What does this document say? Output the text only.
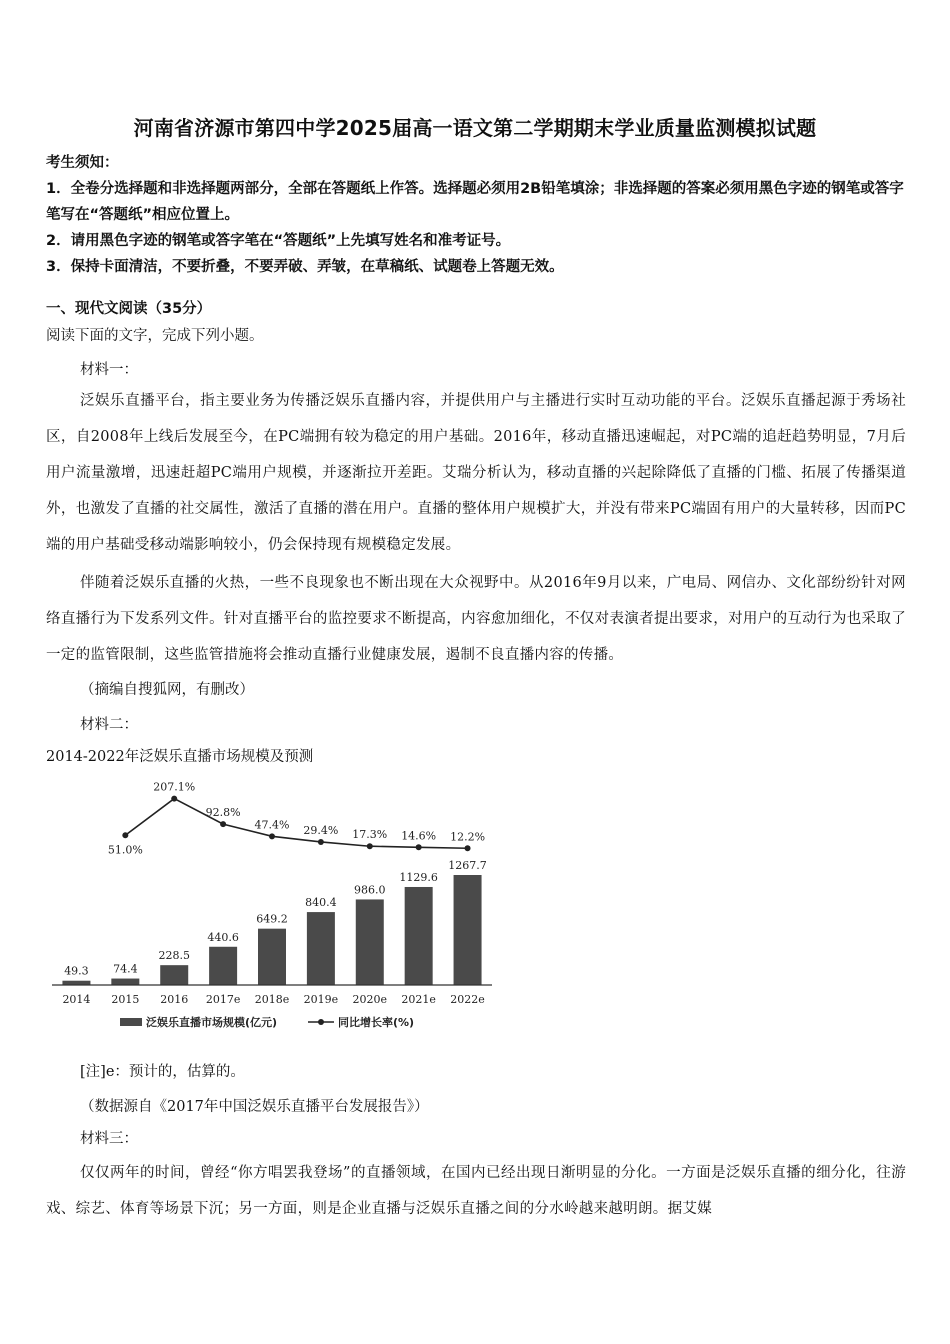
河南省济源市第四中学2025届高一语文第二学期期末学业质量监测模拟试题
考生须知：
1．全卷分选择题和非选择题两部分，全部在答题纸上作答。选择题必须用2B铅笔填涂；非选择题的答案必须用黑色字迹的钢笔或答字笔写在“答题纸”相应位置上。
2．请用黑色字迹的钢笔或答字笔在“答题纸”上先填写姓名和准考证号。
3．保持卡面清洁，不要折叠，不要弄破、弄皱，在草稿纸、试题卷上答题无效。
一、现代文阅读（35分）
阅读下面的文字，完成下列小题。
材料一：
泛娱乐直播平台，指主要业务为传播泛娱乐直播内容，并提供用户与主播进行实时互动功能的平台。泛娱乐直播起源于秀场社区，自2008年上线后发展至今，在PC端拥有较为稳定的用户基础。2016年，移动直播迅速崛起，对PC端的追赶趋势明显，7月后用户流量激增，迅速赶超PC端用户规模，并逐渐拉开差距。艾瑞分析认为，移动直播的兴起除降低了直播的门槛、拓展了传播渠道外，也激发了直播的社交属性，激活了直播的潜在用户。直播的整体用户规模扩大，并没有带来PC端固有用户的大量转移，因而PC端的用户基础受移动端影响较小，仍会保持现有规模稳定发展。
伴随着泛娱乐直播的火热，一些不良现象也不断出现在大众视野中。从2016年9月以来，广电局、网信办、文化部纷纷针对网络直播行为下发系列文件。针对直播平台的监控要求不断提高，内容愈加细化，不仅对表演者提出要求，对用户的互动行为也采取了一定的监管限制，这些监管措施将会推动直播行业健康发展，遏制不良直播内容的传播。
（摘编自搜狐网，有删改）
材料二：
2014-2022年泛娱乐直播市场规模及预测
49.3 74.4
228.5
440.6
649.2
840.4
986.0
1129.6
1267.7
51.0%
207.1%
92.8%
47.4% 29.4% 17.3% 14.6% 12.2%
2014 2015 2016 2017e 2018e 2019e 2020e 2021e 2022e
泛娱乐直播市场规模(亿元)	同比增长率(%)
[注]e：预计的，估算的。
（数据源自《2017年中国泛娱乐直播平台发展报告》）
材料三：
仅仅两年的时间，曾经“你方唱罢我登场”的直播领域，在国内已经出现日渐明显的分化。一方面是泛娱乐直播的细分化，往游戏、综艺、体育等场景下沉；另一方面，则是企业直播与泛娱乐直播之间的分水岭越来越明朗。据艾媒
